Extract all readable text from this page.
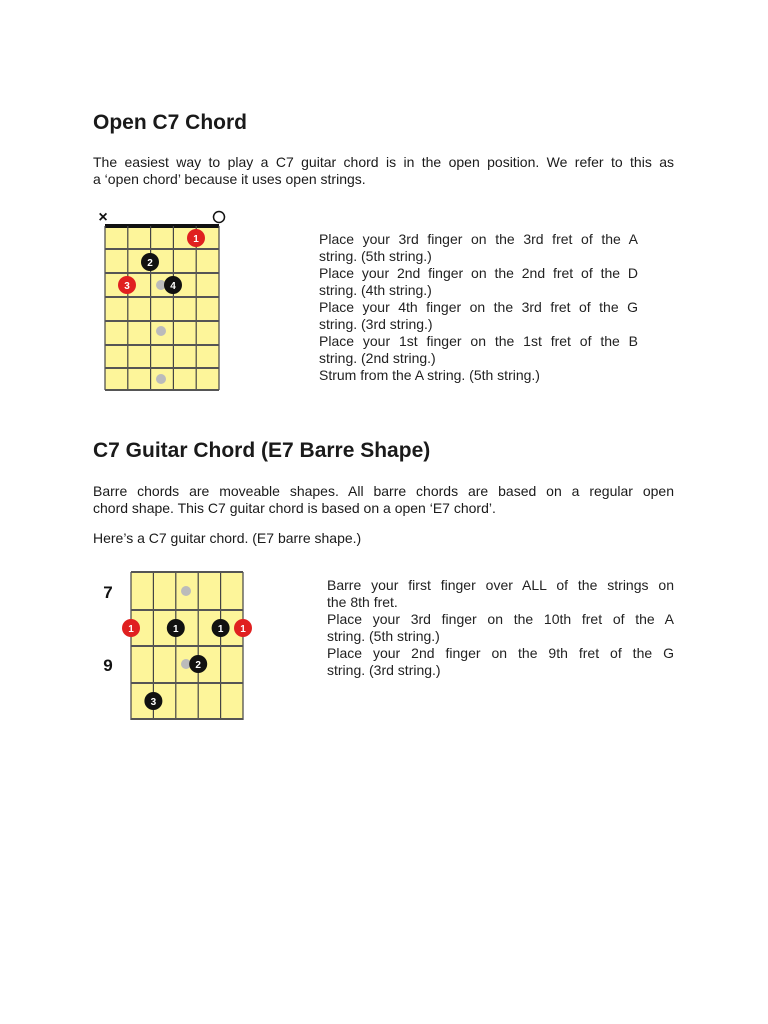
Open C7 Chord
The easiest way to play a C7 guitar chord is in the open position. We refer to this as
a ‘open chord’ because it uses open strings.
×
1
2
3	4
Place your 3rd finger on the 3rd fret of the A
string. (5th string.)
Place your 2nd finger on the 2nd fret of the D
string. (4th string.)
Place your 4th finger on the 3rd fret of the G
string. (3rd string.)
Place your 1st finger on the 1st fret of the B
string. (2nd string.)
Strum from the A string. (5th string.)
C7 Guitar Chord (E7 Barre Shape)
Barre chords are moveable shapes. All barre chords are based on a regular open
chord shape. This C7 guitar chord is based on a open ‘E7 chord’.
Here’s a C7 guitar chord. (E7 barre shape.)
7
9
1	1	1 1
2
3
Barre your first finger over ALL of the strings on
the 8th fret.
Place your 3rd finger on the 10th fret of the A
string. (5th string.)
Place your 2nd finger on the 9th fret of the G
string. (3rd string.)
